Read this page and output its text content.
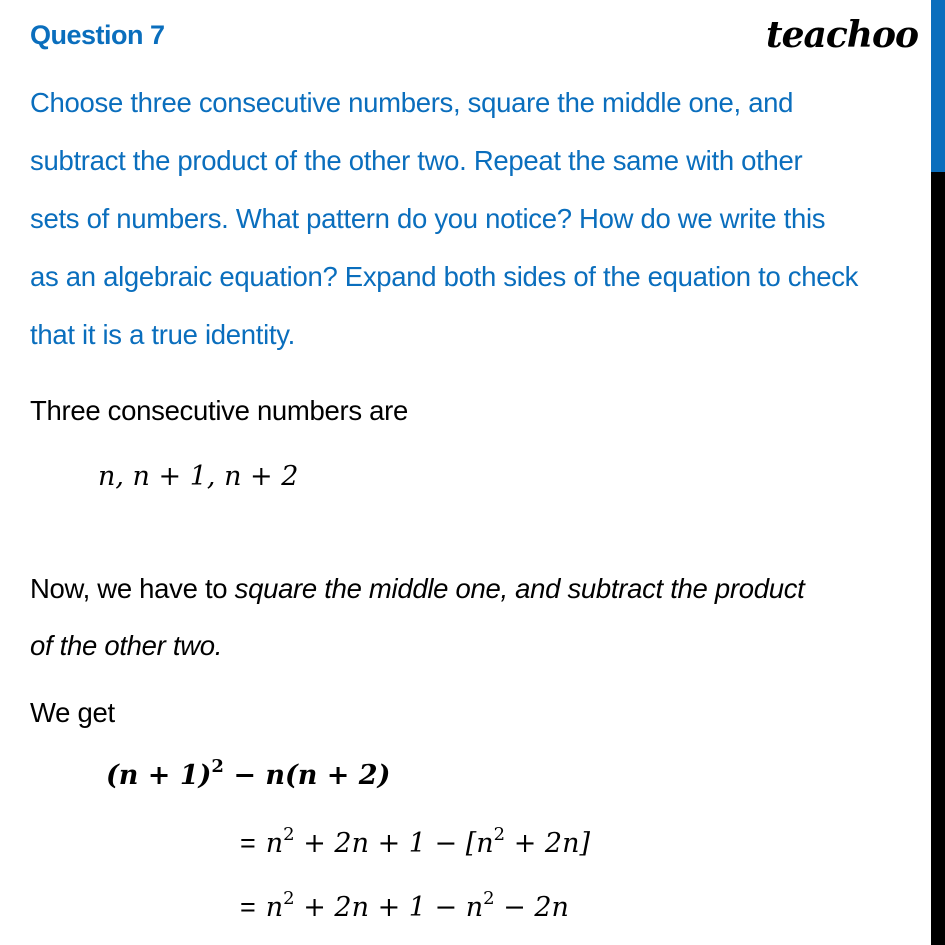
Question 7	teachoo
Choose three consecutive numbers, square the middle one, and
subtract the product of the other two. Repeat the same with other
sets of numbers. What pattern do you notice? How do we write this
as an algebraic equation? Expand both sides of the equation to check
that it is a true identity.
Three consecutive numbers are
n, n + 1, n + 2
Now, we have to square the middle one, and subtract the product
of the other two.
We get
$(n + 1)^2 - n(n + 2)$
= $n^2 + 2n + 1 - [n^2 + 2n]$
= $n^2 + 2n + 1 - n^2 - 2n$
